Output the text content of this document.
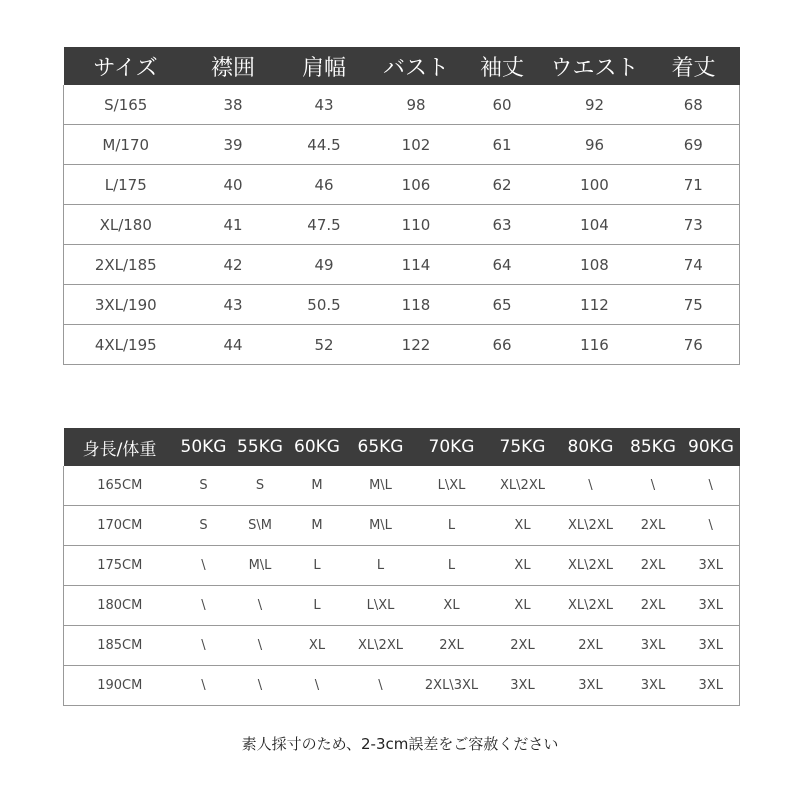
サイズ	襟囲	肩幅	バスト	袖丈	ウエスト	着丈
S/165	38	43	98	60	92	68
M/170	39	44.5	102	61	96	69
L/175	40	46	106	62	100	71
XL/180	41	47.5	110	63	104	73
2XL/185	42	49	114	64	108	74
3XL/190	43	50.5	118	65	112	75
4XL/195	44	52	122	66	116	76
身長/体重	50KG	55KG	60KG	65KG	70KG	75KG	80KG	85KG	90KG
165CM	S	S	M	M\L	L\XL	XL\2XL	\	\	\
170CM	S	S\M	M	M\L	L	XL	XL\2XL	2XL	\
175CM	\	M\L	L	L	L	XL	XL\2XL	2XL	3XL
180CM	\	\	L	L\XL	XL	XL	XL\2XL	2XL	3XL
185CM	\	\	XL	XL\2XL	2XL	2XL	2XL	3XL	3XL
190CM	\	\	\	\	2XL\3XL	3XL	3XL	3XL	3XL
素人採寸のため、2-3cm誤差をご容赦ください
